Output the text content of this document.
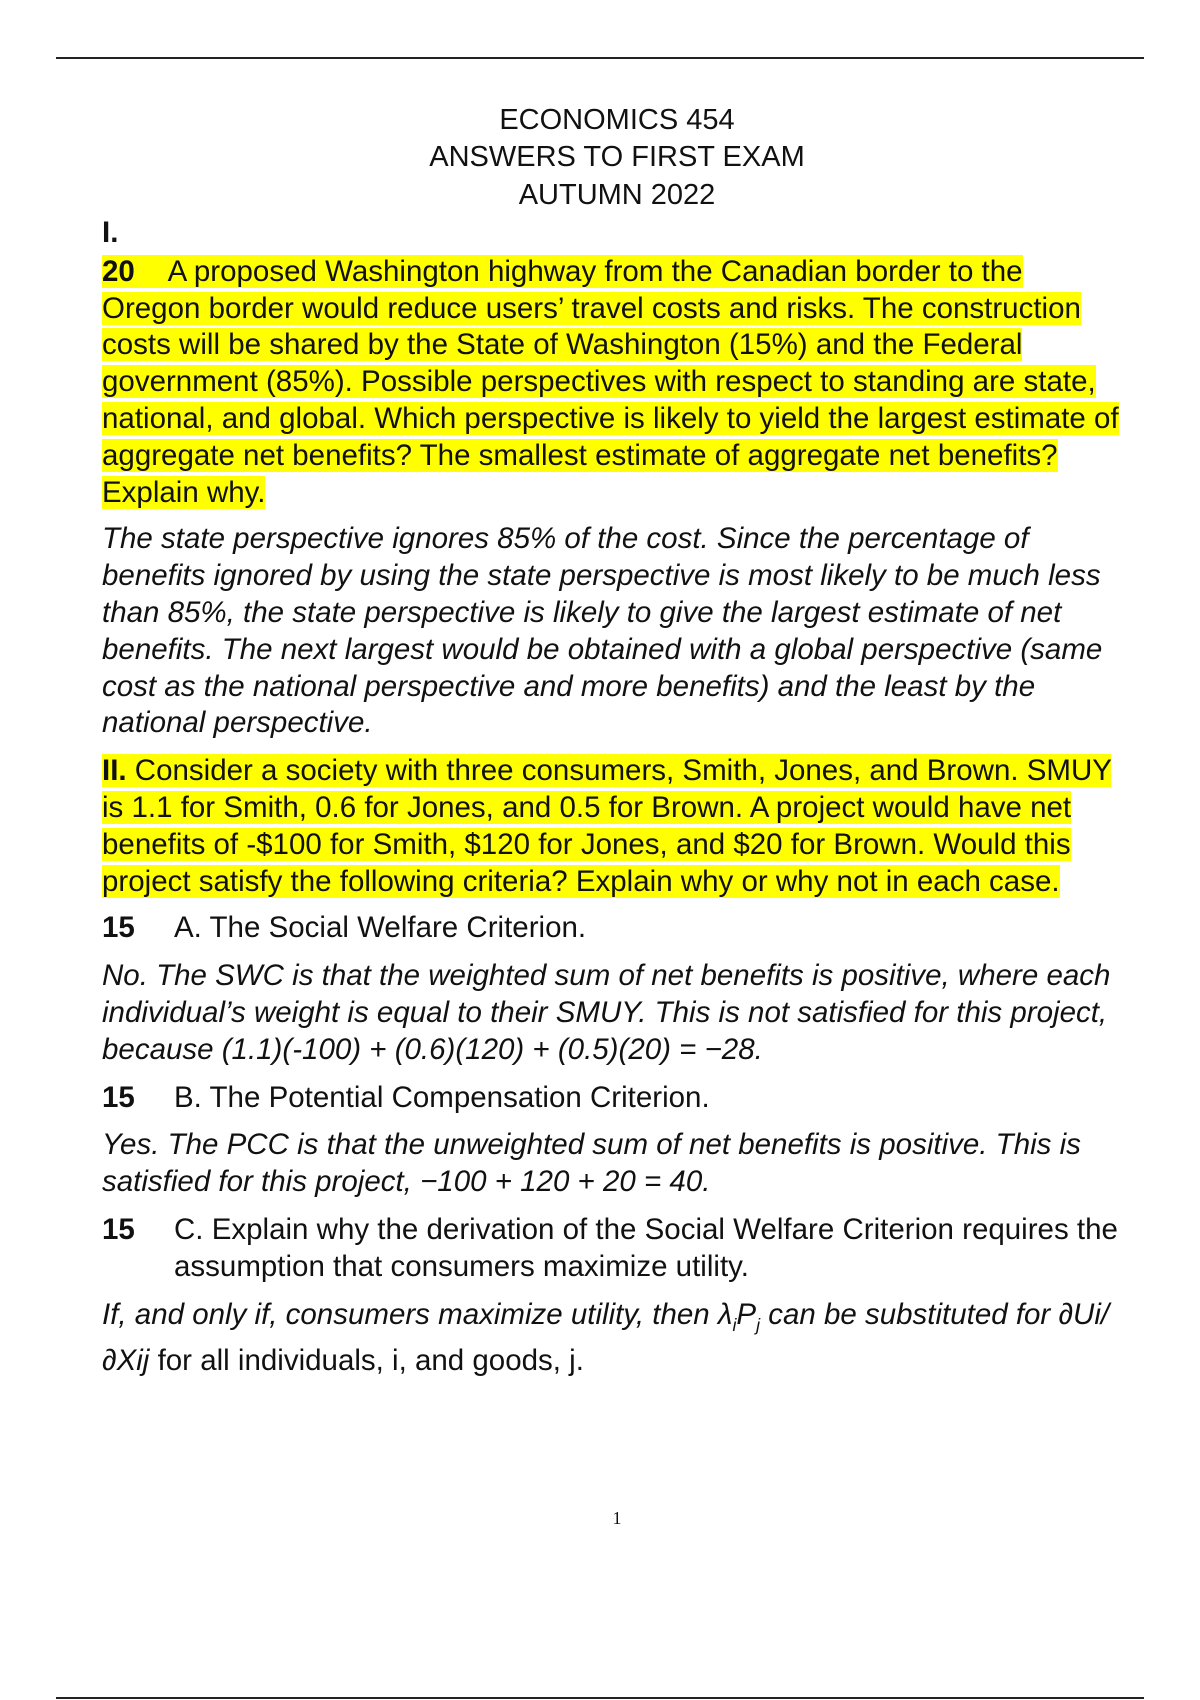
ECONOMICS 454
ANSWERS TO FIRST EXAM
AUTUMN 2022

I.

20 A proposed Washington highway from the Canadian border to the Oregon border would reduce users’ travel costs and risks. The construction costs will be shared by the State of Washington (15%) and the Federal government (85%). Possible perspectives with respect to standing are state, national, and global. Which perspective is likely to yield the largest estimate of aggregate net benefits? The smallest estimate of aggregate net benefits? Explain why.

The state perspective ignores 85% of the cost. Since the percentage of benefits ignored by using the state perspective is most likely to be much less than 85%, the state perspective is likely to give the largest estimate of net benefits. The next largest would be obtained with a global perspective (same cost as the national perspective and more benefits) and the least by the national perspective.

II. Consider a society with three consumers, Smith, Jones, and Brown. SMUY is 1.1 for Smith, 0.6 for Jones, and 0.5 for Brown. A project would have net benefits of -$100 for Smith, $120 for Jones, and $20 for Brown. Would this project satisfy the following criteria? Explain why or why not in each case.

15	A. The Social Welfare Criterion.

No. The SWC is that the weighted sum of net benefits is positive, where each individual’s weight is equal to their SMUY. This is not satisfied for this project, because (1.1)(-100) + (0.6)(120) + (0.5)(20) = −28.

15	B. The Potential Compensation Criterion.

Yes. The PCC is that the unweighted sum of net benefits is positive. This is satisfied for this project, −100 + 120 + 20 = 40.

15	C. Explain why the derivation of the Social Welfare Criterion requires the assumption that consumers maximize utility.

If, and only if, consumers maximize utility, then $\lambda_iP_j$ can be substituted for ∂Ui/∂Xij for all individuals, i, and goods, j.

1
